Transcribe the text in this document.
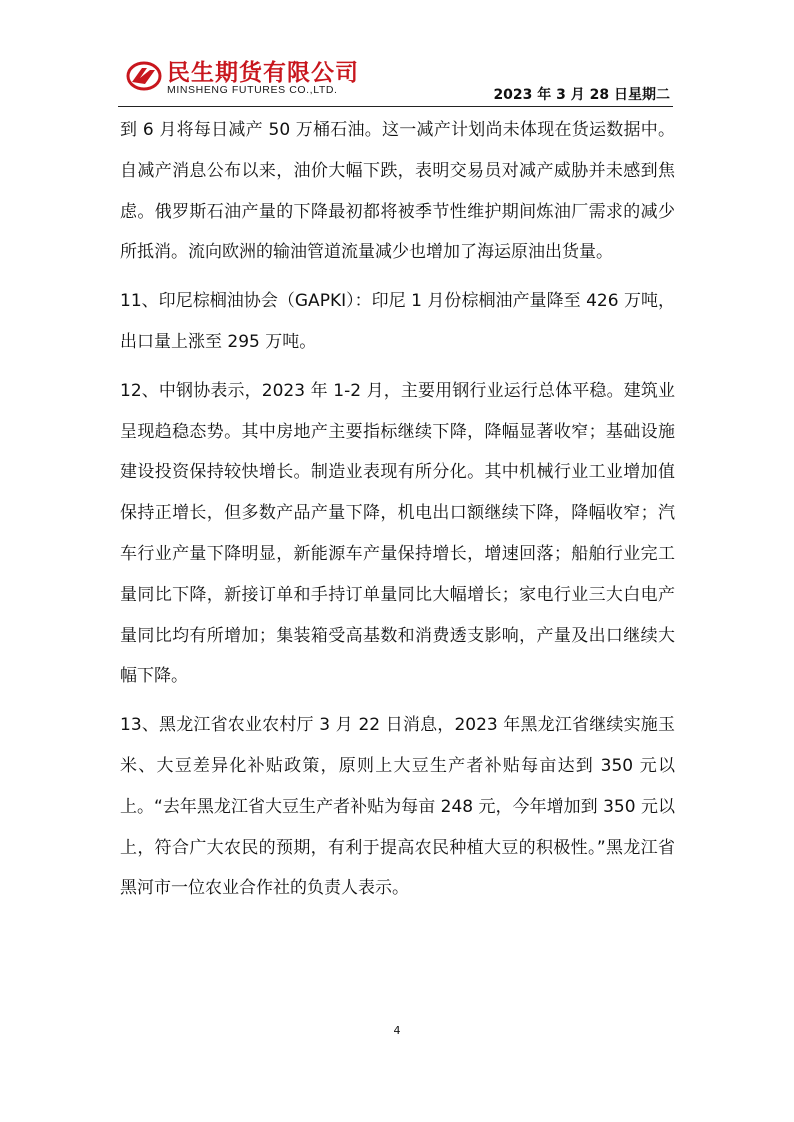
民生期货有限公司
MINSHENG FUTURES CO.,LTD.	2023 年 3 月 28 日星期二

到 6 月将每日减产 50 万桶石油。这一减产计划尚未体现在货运数据中。自减产消息公布以来，油价大幅下跌，表明交易员对减产威胁并未感到焦虑。俄罗斯石油产量的下降最初都将被季节性维护期间炼油厂需求的减少所抵消。流向欧洲的输油管道流量减少也增加了海运原油出货量。

11、印尼棕榈油协会（GAPKI）：印尼 1 月份棕榈油产量降至 426 万吨，出口量上涨至 295 万吨。

12、中钢协表示，2023 年 1-2 月，主要用钢行业运行总体平稳。建筑业呈现趋稳态势。其中房地产主要指标继续下降，降幅显著收窄；基础设施建设投资保持较快增长。制造业表现有所分化。其中机械行业工业增加值保持正增长，但多数产品产量下降，机电出口额继续下降，降幅收窄；汽车行业产量下降明显，新能源车产量保持增长，增速回落；船舶行业完工量同比下降，新接订单和手持订单量同比大幅增长；家电行业三大白电产量同比均有所增加；集装箱受高基数和消费透支影响，产量及出口继续大幅下降。

13、黑龙江省农业农村厅 3 月 22 日消息，2023 年黑龙江省继续实施玉米、大豆差异化补贴政策，原则上大豆生产者补贴每亩达到 350 元以上。“去年黑龙江省大豆生产者补贴为每亩 248 元，今年增加到 350 元以上，符合广大农民的预期，有利于提高农民种植大豆的积极性。”黑龙江省黑河市一位农业合作社的负责人表示。

4
